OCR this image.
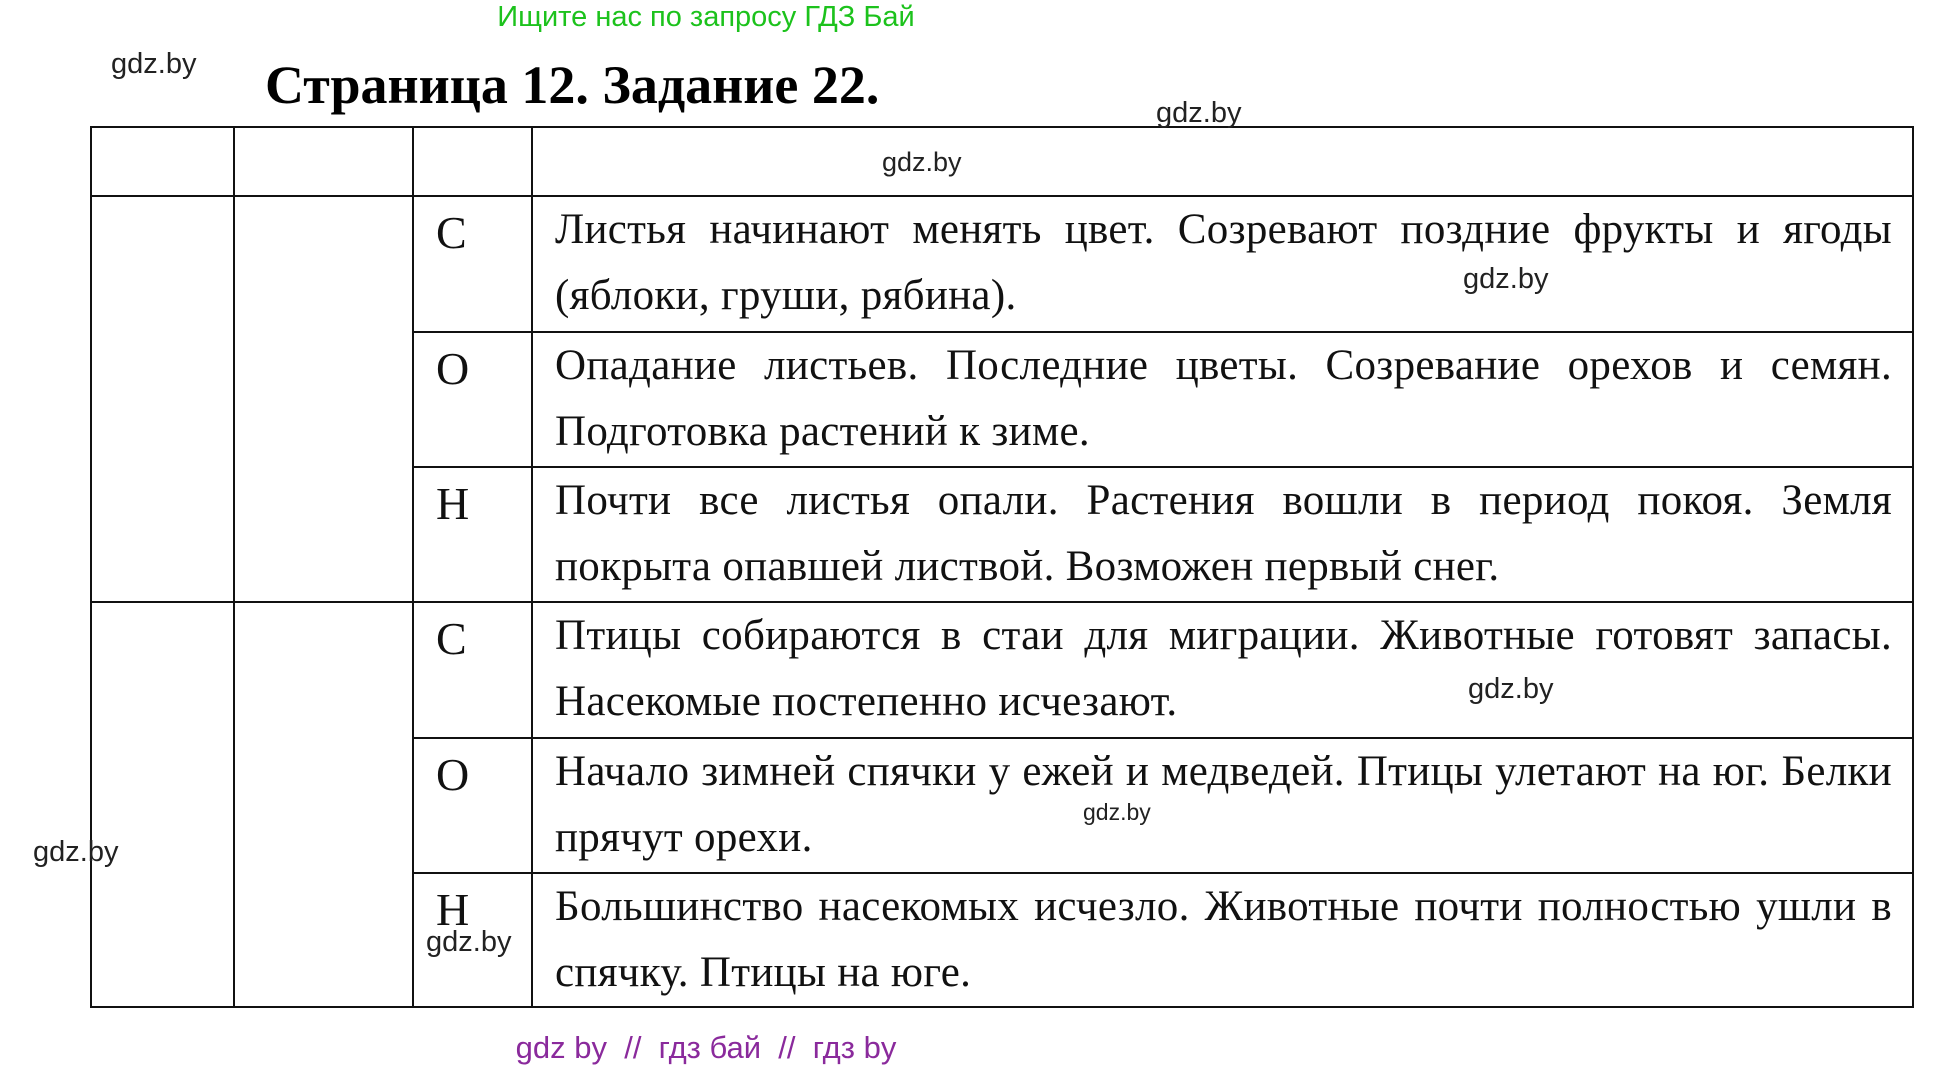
Ищите нас по запросу ГДЗ Бай
Страница 12. Задание 22.

		С	Листья начинают менять цвет. Созревают поздние фрукты и ягоды (яблоки, груши, рябина).
		О	Опадание листьев. Последние цветы. Созревание орехов и семян. Подготовка растений к зиме.
		Н	Почти все листья опали. Растения вошли в период покоя. Земля покрыта опавшей листвой. Возможен первый снег.
		С	Птицы собираются в стаи для миграции. Животные готовят запасы. Насекомые постепенно исчезают.
		О	Начало зимней спячки у ежей и медведей. Птицы улетают на юг. Белки прячут орехи.
		Н	Большинство насекомых исчезло. Животные почти полностью ушли в спячку. Птицы на юге.
gdz.by
gdz.by
gdz.by
gdz.by
gdz.by
gdz.by
gdz.by
gdz.by
gdz by  //  гдз бай  //  гдз by
